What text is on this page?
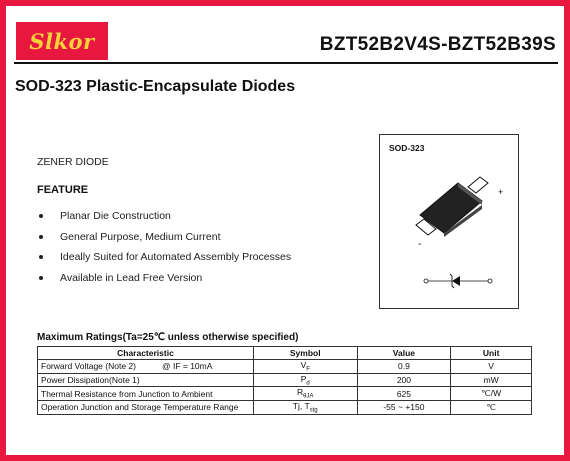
Slkor	BZT52B2V4S-BZT52B39S
SOD-323 Plastic-Encapsulate Diodes
ZENER DIODE
FEATURE
Planar Die Construction
General Purpose, Medium Current
Ideally Suited for Automated Assembly Processes
Available in Lead Free Version
SOD-323
+
-
Maximum Ratings(Ta=25℃ unless otherwise specified)
Characteristic	Symbol	Value	Unit
Forward Voltage (Note 2) @ IF = 10mA	$V_F$	0.9	V
Power Dissipation(Note 1)	$P_d$	200	mW
Thermal Resistance from Junction to Ambient	$R_{\theta JA}$	625	℃/W
Operation Junction and Storage Temperature Range	Tj, $T_{stg}$	-55 ~ +150	℃
